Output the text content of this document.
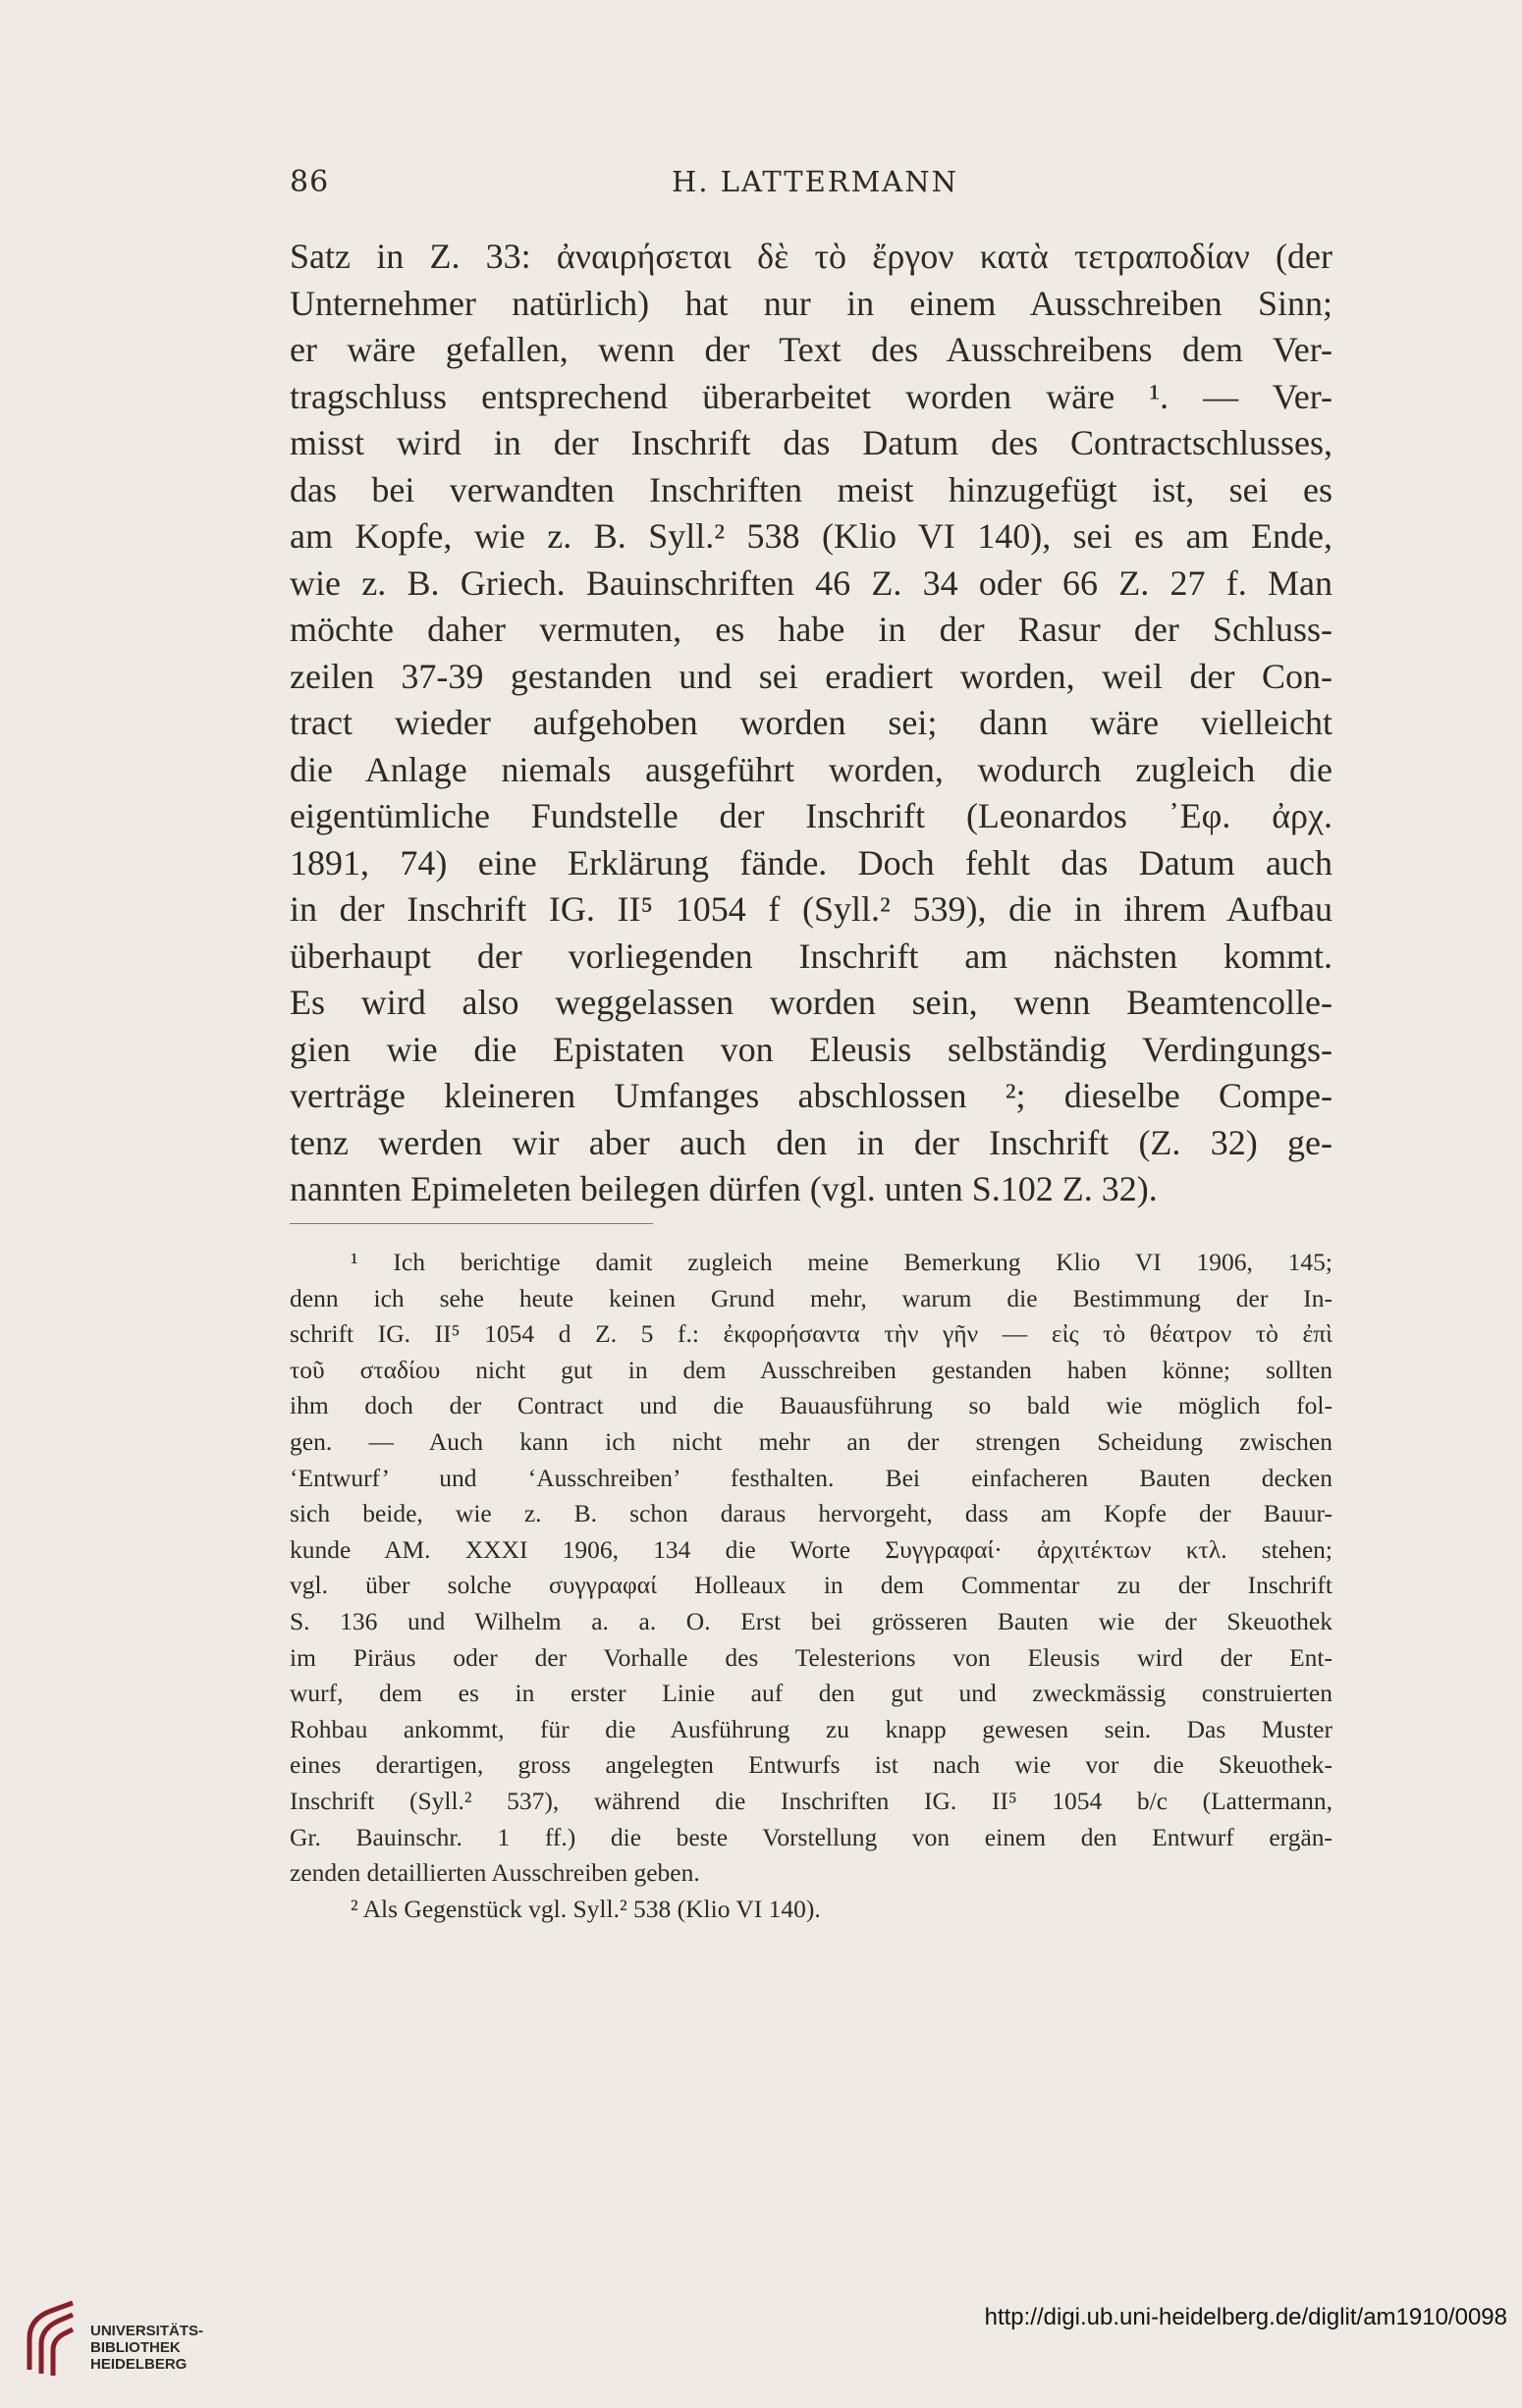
86	H. LATTERMANN
Satz in Z. 33: ἀναιρήσεται δὲ τὸ ἔργον κατὰ τετραποδίαν (der
Unternehmer natürlich) hat nur in einem Ausschreiben Sinn;
er wäre gefallen, wenn der Text des Ausschreibens dem Ver-
tragschluss entsprechend überarbeitet worden wäre ¹. — Ver-
misst wird in der Inschrift das Datum des Contractschlusses,
das bei verwandten Inschriften meist hinzugefügt ist, sei es
am Kopfe, wie z. B. Syll.² 538 (Klio VI 140), sei es am Ende,
wie z. B. Griech. Bauinschriften 46 Z. 34 oder 66 Z. 27 f. Man
möchte daher vermuten, es habe in der Rasur der Schluss-
zeilen 37-39 gestanden und sei eradiert worden, weil der Con-
tract wieder aufgehoben worden sei; dann wäre vielleicht
die Anlage niemals ausgeführt worden, wodurch zugleich die
eigentümliche Fundstelle der Inschrift (Leonardos ᾿Εφ. ἀρχ.
1891, 74) eine Erklärung fände. Doch fehlt das Datum auch
in der Inschrift IG. II⁵ 1054 f (Syll.² 539), die in ihrem Aufbau
überhaupt der vorliegenden Inschrift am nächsten kommt.
Es wird also weggelassen worden sein, wenn Beamtencolle-
gien wie die Epistaten von Eleusis selbständig Verdingungs-
verträge kleineren Umfanges abschlossen ²; dieselbe Compe-
tenz werden wir aber auch den in der Inschrift (Z. 32) ge-
nannten Epimeleten beilegen dürfen (vgl. unten S.102 Z. 32).
¹ Ich berichtige damit zugleich meine Bemerkung Klio VI 1906, 145;
denn ich sehe heute keinen Grund mehr, warum die Bestimmung der In-
schrift IG. II⁵ 1054 d Z. 5 f.: ἐκφορήσαντα τὴν γῆν — εἰς τὸ θέατρον τὸ ἐπὶ
τοῦ σταδίου nicht gut in dem Ausschreiben gestanden haben könne; sollten
ihm doch der Contract und die Bauausführung so bald wie möglich fol-
gen. — Auch kann ich nicht mehr an der strengen Scheidung zwischen
‘Entwurf’ und ‘Ausschreiben’ festhalten. Bei einfacheren Bauten decken
sich beide, wie z. B. schon daraus hervorgeht, dass am Kopfe der Bauur-
kunde AM. XXXI 1906, 134 die Worte Συγγραφαί· ἀρχιτέκτων κτλ. stehen;
vgl. über solche συγγραφαί Holleaux in dem Commentar zu der Inschrift
S. 136 und Wilhelm a. a. O. Erst bei grösseren Bauten wie der Skeuothek
im Piräus oder der Vorhalle des Telesterions von Eleusis wird der Ent-
wurf, dem es in erster Linie auf den gut und zweckmässig construierten
Rohbau ankommt, für die Ausführung zu knapp gewesen sein. Das Muster
eines derartigen, gross angelegten Entwurfs ist nach wie vor die Skeuothek-
Inschrift (Syll.² 537), während die Inschriften IG. II⁵ 1054 b/c (Lattermann,
Gr. Bauinschr. 1 ff.) die beste Vorstellung von einem den Entwurf ergän-
zenden detaillierten Ausschreiben geben.
² Als Gegenstück vgl. Syll.² 538 (Klio VI 140).
UNIVERSITÄTS-
BIBLIOTHEK
HEIDELBERG
http://digi.ub.uni-heidelberg.de/diglit/am1910/0098
